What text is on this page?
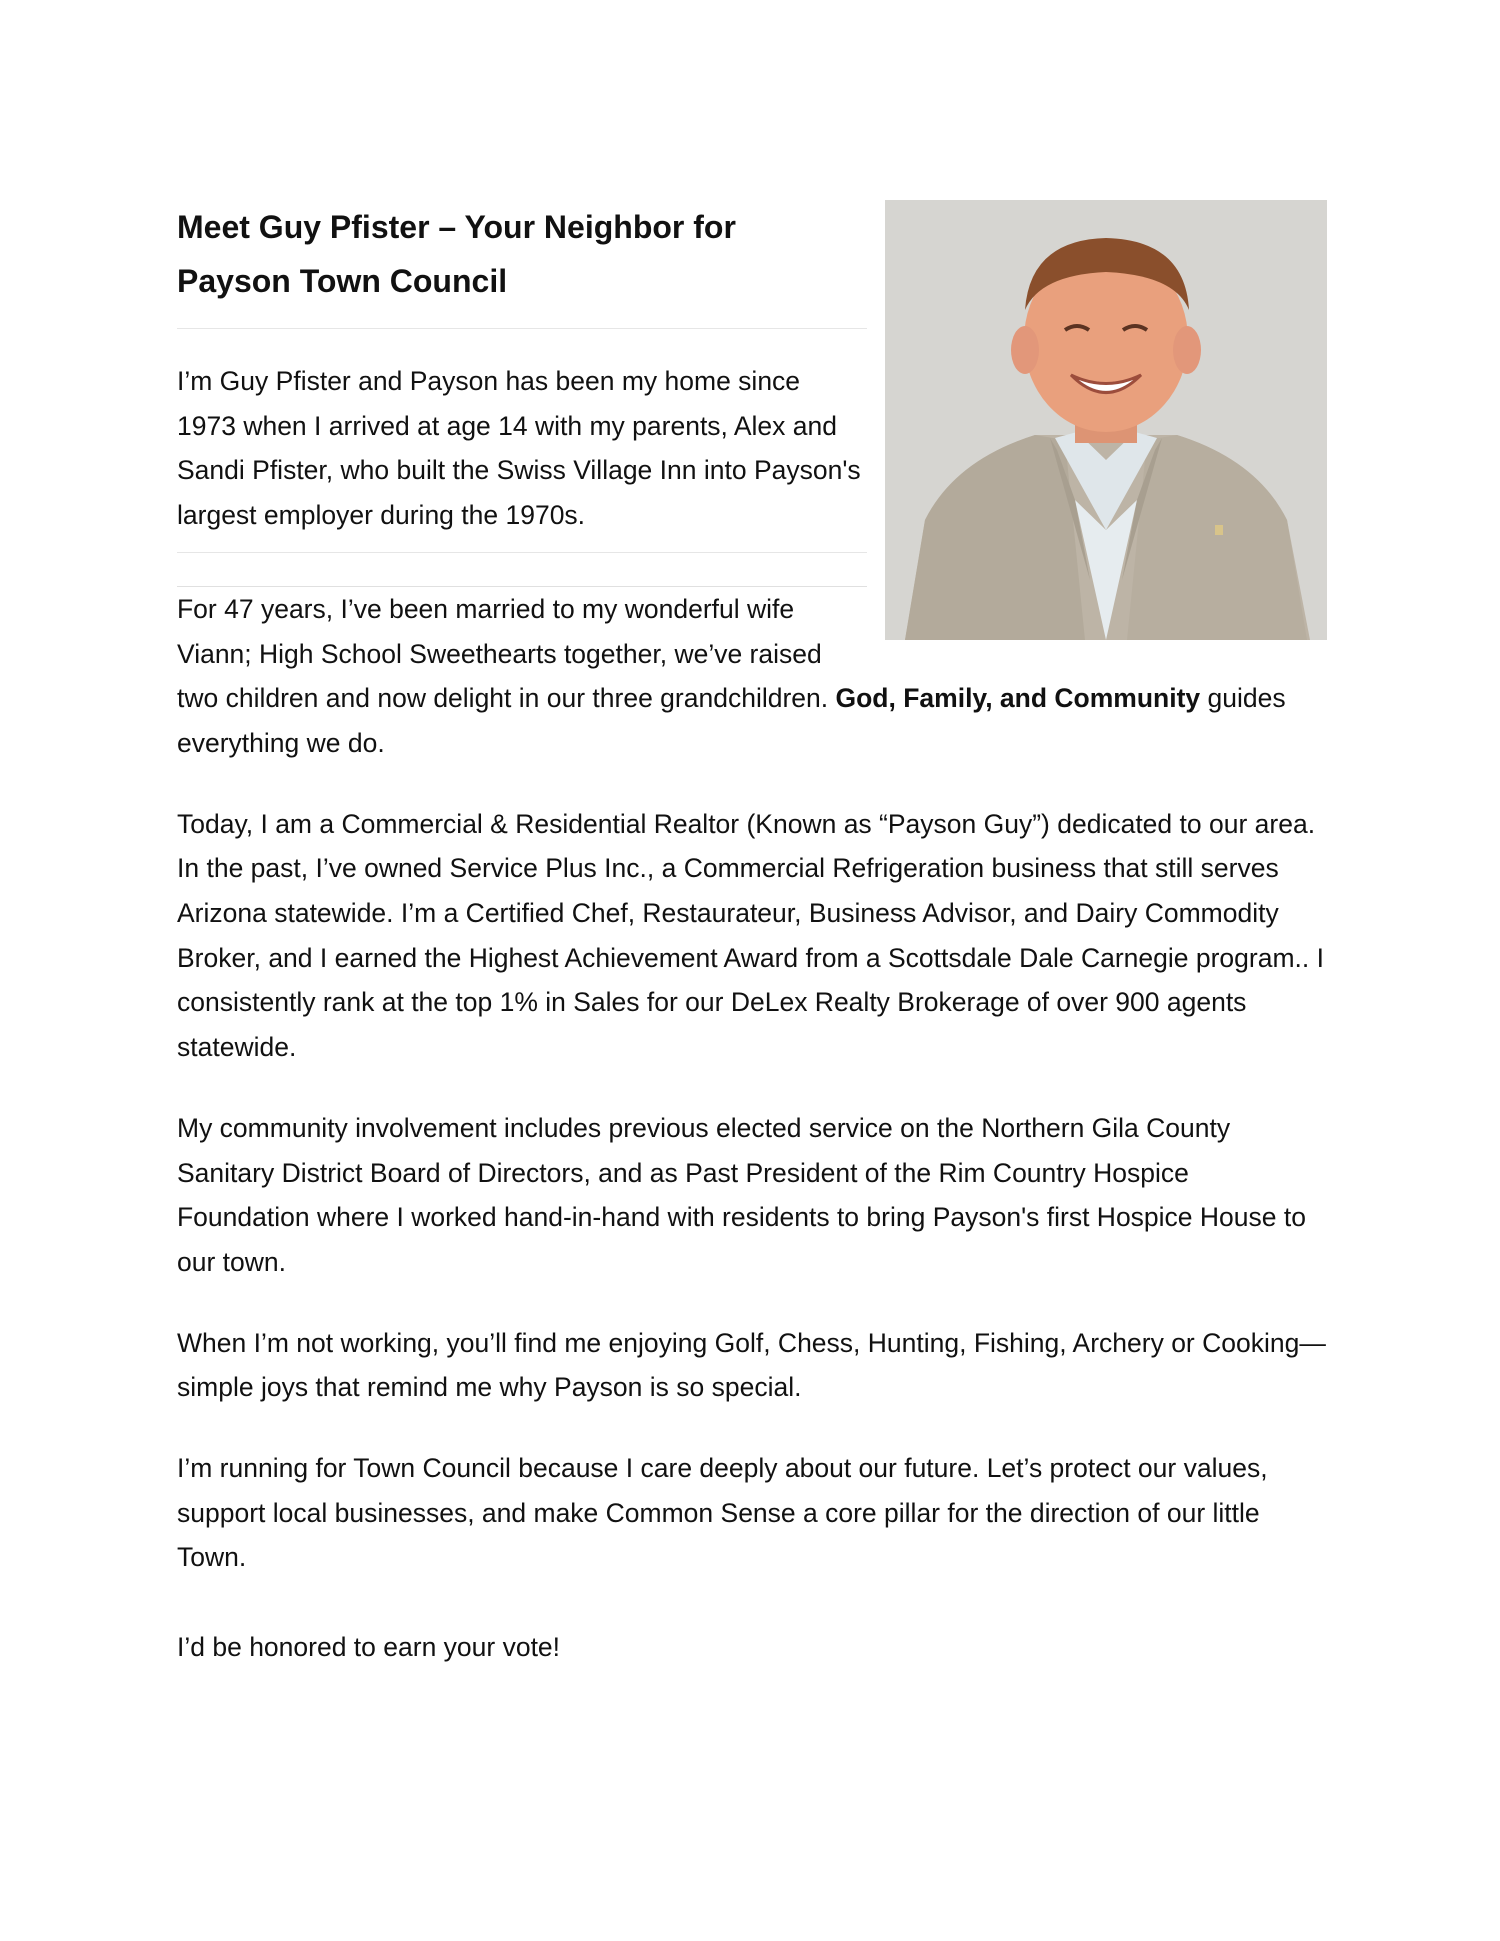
Meet Guy Pfister – Your Neighbor for
Payson Town Council

I’m Guy Pfister and Payson has been my home since 1973 when I arrived at age 14 with my parents, Alex and Sandi Pfister, who built the Swiss Village Inn into Payson's largest employer during the 1970s.

For 47 years, I’ve been married to my wonderful wife Viann; High School Sweethearts together, we’ve raised two children and now delight in our three grandchildren. God, Family, and Community guides everything we do.

Today, I am a Commercial & Residential Realtor (Known as “Payson Guy”) dedicated to our area. In the past, I’ve owned Service Plus Inc., a Commercial Refrigeration business that still serves Arizona statewide. I’m a Certified Chef, Restaurateur, Business Advisor, and Dairy Commodity Broker, and I earned the Highest Achievement Award from a Scottsdale Dale Carnegie program.. I consistently rank at the top 1% in Sales for our DeLex Realty Brokerage of over 900 agents statewide.

My community involvement includes previous elected service on the Northern Gila County Sanitary District Board of Directors, and as Past President of the Rim Country Hospice Foundation where I worked hand-in-hand with residents to bring Payson's first Hospice House to our town.

When I’m not working, you’ll find me enjoying Golf, Chess, Hunting, Fishing, Archery or Cooking—simple joys that remind me why Payson is so special.

I’m running for Town Council because I care deeply about our future. Let’s protect our values, support local businesses, and make Common Sense a core pillar for the direction of our little Town.

I’d be honored to earn your vote!
